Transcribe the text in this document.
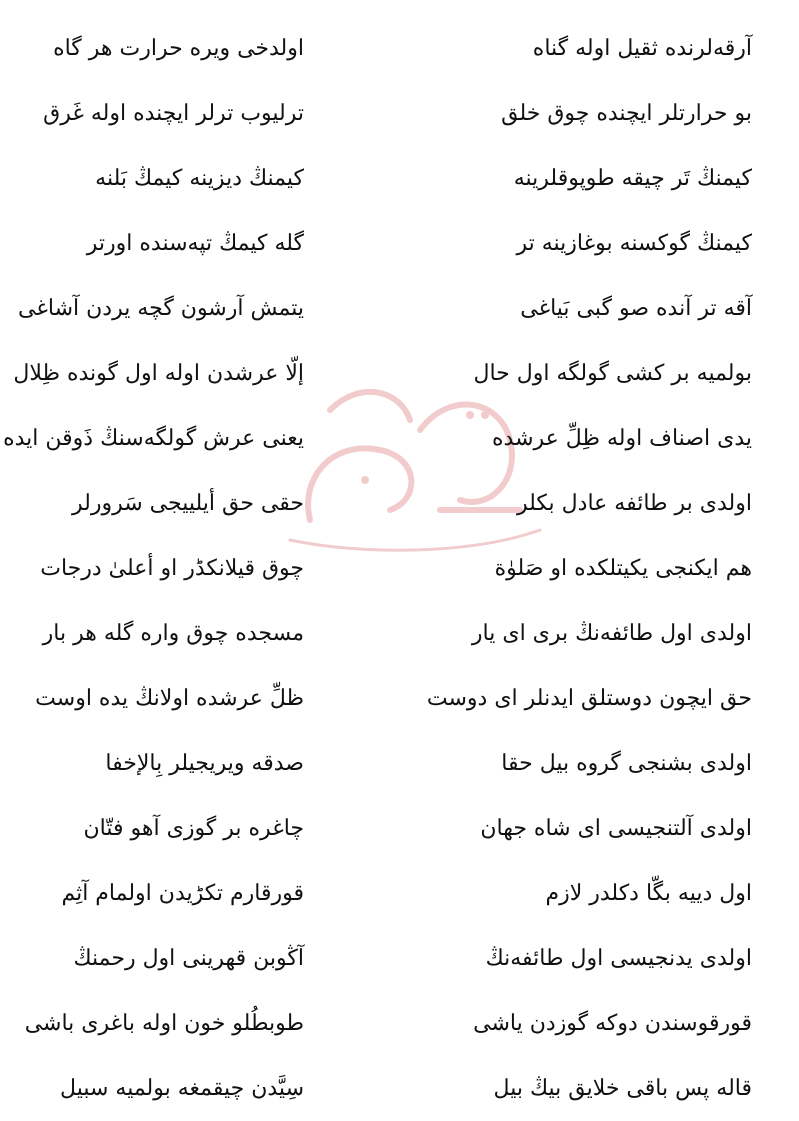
آرقه‌لرنده ثقیل اوله گناه
اولدخی ویره حرارت هر گاه
بو حرارتلر ایچنده چوق خلق
ترلیوب ترلر ایچنده اوله غَرق
کیمنڭ تَر چیقه طوپوقلرینه
کیمنڭ دیزینه کیمڭ بَلنه
کیمنڭ گوکسنه بوغازینه تر
گله کیمڭ تپه‌سنده اورتر
آقه تر آنده صو گبی بَیاغی
یتمش آرشون گچه یردن آشاغی
بولمیه بر کشی گولگه اول حال
إلّا عرشدن اوله اول گونده ظِلال
یدی اصناف اوله ظِلِّ عرشده
یعنی عرش گولگه‌سنڭ ذَوقن ایده
اولدی بر طائفه عادل بکلر
حقی حق أیلییجی سَرورلر
هم ایکنجی یکیتلکده او صَلوٰة
چوق قیلانکڈر او أعلیٰ درجات
اولدی اول طائفه‌نڭ بری ای یار
مسجده چوق واره گله هر بار
حق ایچون دوستلق ایدنلر ای دوست
ظلِّ عرشده اولانڭ یده اوست
اولدی بشنجی گروه بیل حقا
صدقه ویریجیلر بِالإخفا
اولدی آلتنجیسی ای شاه جهان
چاغره بر گوزی آهو فتّان
اول دییه بگّا دکلدر لازم
قورقارم تکڑیدن اولمام آثِم
اولدی یدنجیسی اول طائفه‌نڭ
آڭوبن قهرینی اول رحمنڭ
قورقوسندن دوکه گوزدن یاشی
طوبطُلو خون اوله باغری باشی
قاله پس باقی خلایق بیڭ بیل
سِیَّدن چیقمغه بولمیه سبیل
